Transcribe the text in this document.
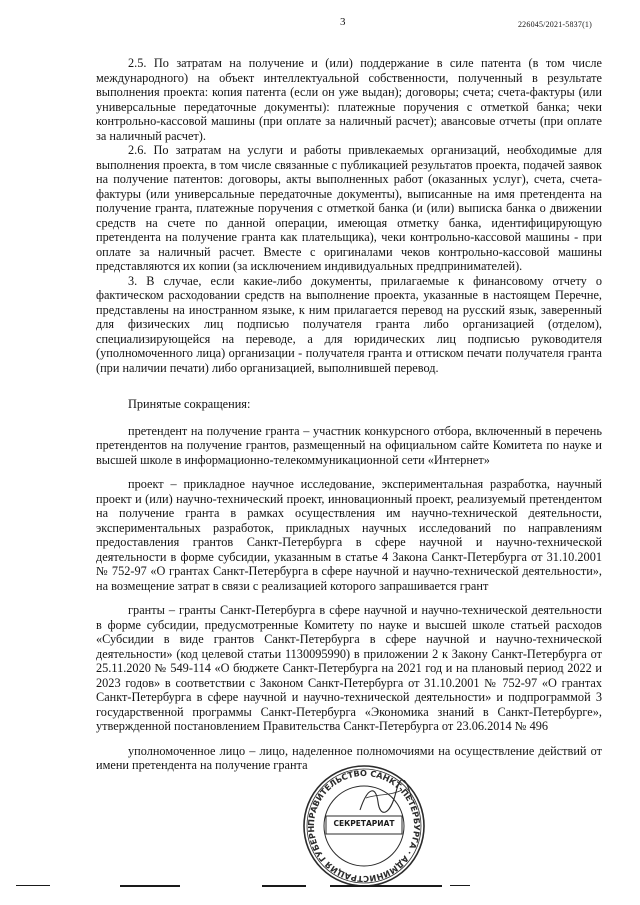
3	226045/2021-5837(1)

2.5. По затратам на получение и (или) поддержание в силе патента (в том числе международного) на объект интеллектуальной собственности, полученный в результате выполнения проекта: копия патента (если он уже выдан); договоры; счета; счета-фактуры (или универсальные передаточные документы): платежные поручения с отметкой банка; чеки контрольно-кассовой машины (при оплате за наличный расчет); авансовые отчеты (при оплате за наличный расчет).

2.6. По затратам на услуги и работы привлекаемых организаций, необходимые для выполнения проекта, в том числе связанные с публикацией результатов проекта, подачей заявок на получение патентов: договоры, акты выполненных работ (оказанных услуг), счета, счета-фактуры (или универсальные передаточные документы), выписанные на имя претендента на получение гранта, платежные поручения с отметкой банка (и (или) выписка банка о движении средств на счете по данной операции, имеющая отметку банка, идентифицирующую претендента на получение гранта как плательщика), чеки контрольно-кассовой машины - при оплате за наличный расчет. Вместе с оригиналами чеков контрольно-кассовой машины представляются их копии (за исключением индивидуальных предпринимателей).

3. В случае, если какие-либо документы, прилагаемые к финансовому отчету о фактическом расходовании средств на выполнение проекта, указанные в настоящем Перечне, представлены на иностранном языке, к ним прилагается перевод на русский язык, заверенный для физических лиц подписью получателя гранта либо организацией (отделом), специализирующейся на переводе, а для юридических лиц подписью руководителя (уполномоченного лица) организации - получателя гранта и оттиском печати получателя гранта (при наличии печати) либо организацией, выполнившей перевод.

Принятые сокращения:

претендент на получение гранта – участник конкурсного отбора, включенный в перечень претендентов на получение грантов, размещенный на официальном сайте Комитета по науке и высшей школе в информационно-телекоммуникационной сети «Интернет»

проект – прикладное научное исследование, экспериментальная разработка, научный проект и (или) научно-технический проект, инновационный проект, реализуемый претендентом на получение гранта в рамках осуществления им научно-технической деятельности, экспериментальных разработок, прикладных научных исследований по направлениям предоставления грантов Санкт-Петербурга в сфере научной и научно-технической деятельности в форме субсидии, указанным в статье 4 Закона Санкт-Петербурга от 31.10.2001 № 752-97 «О грантах Санкт-Петербурга в сфере научной и научно-технической деятельности», на возмещение затрат в связи с реализацией которого запрашивается грант

гранты – гранты Санкт-Петербурга в сфере научной и научно-технической деятельности в форме субсидии, предусмотренные Комитету по науке и высшей школе статьей расходов «Субсидии в виде грантов Санкт-Петербурга в сфере научной и научно-технической деятельности» (код целевой статьи 1130095990) в приложении 2 к Закону Санкт-Петербурга от 25.11.2020 № 549-114 «О бюджете Санкт-Петербурга на 2021 год и на плановый период 2022 и 2023 годов» в соответствии с Законом Санкт-Петербурга от 31.10.2001 № 752-97 «О грантах Санкт-Петербурга в сфере научной и научно-технической деятельности» и подпрограммой 3 государственной программы Санкт-Петербурга «Экономика знаний в Санкт-Петербурге», утвержденной постановлением Правительства Санкт-Петербурга от 23.06.2014 № 496

уполномоченное лицо – лицо, наделенное полномочиями на осуществление действий от имени претендента на получение гранта

ПРАВИТЕЛЬСТВО САНКТ-ПЕТЕРБУРГА · АДМИНИСТРАЦИЯ ГУБЕРН
СЕКРЕТАРИАТ
